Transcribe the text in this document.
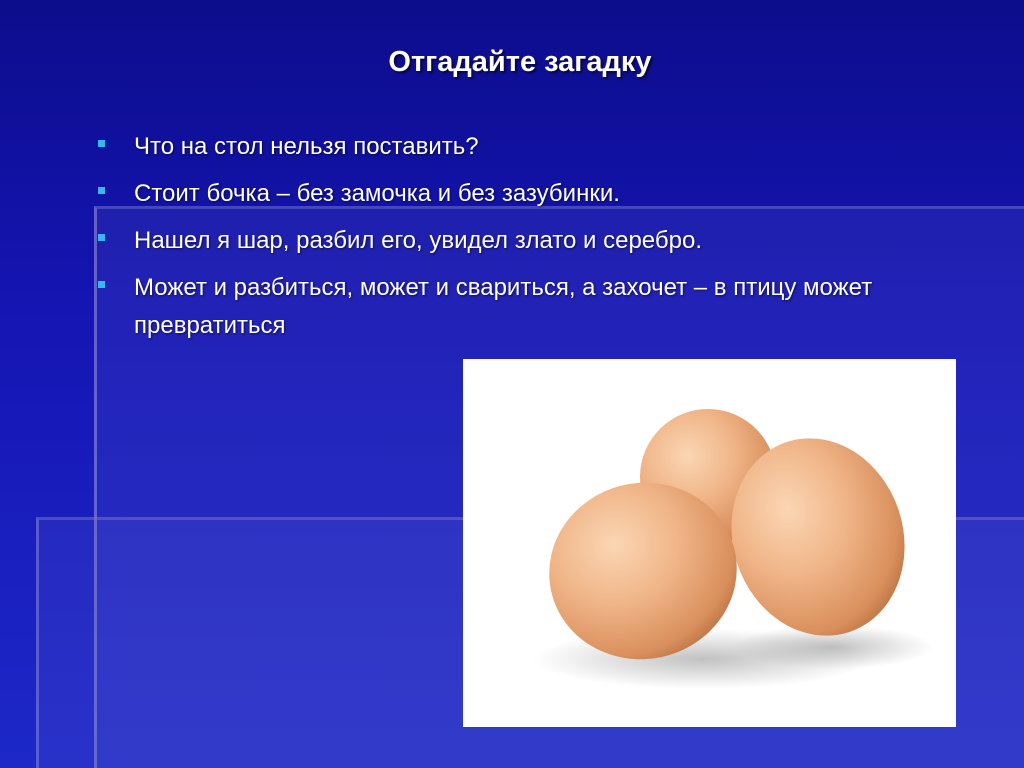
Отгадайте загадку
Что на стол нельзя поставить?
Стоит бочка – без замочка и без зазубинки.
Нашел я шар, разбил его, увидел злато и серебро.
Может и разбиться, может и свариться, а захочет – в птицу может превратиться
